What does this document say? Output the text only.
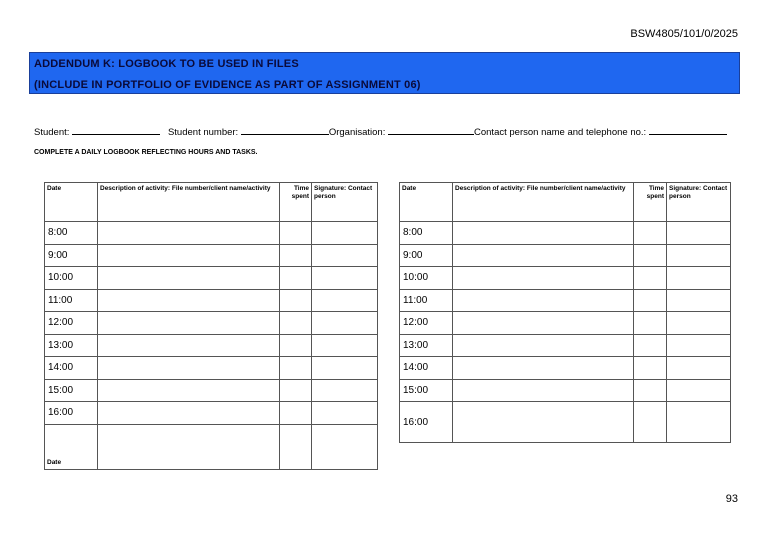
BSW4805/101/0/2025
ADDENDUM K: LOGBOOK TO BE USED IN FILES
(INCLUDE IN PORTFOLIO OF EVIDENCE AS PART OF ASSIGNMENT 06)
Student:	Student number:	Organisation:	Contact person name and telephone no.:
COMPLETE A DAILY LOGBOOK REFLECTING HOURS AND TASKS.
Date	Description of activity: File number/client name/activity	Time spent	Signature: Contact person
8:00			
9:00			
10:00			
11:00			
12:00			
13:00			
14:00			
15:00			
16:00			
Date			
Date	Description of activity: File number/client name/activity	Time spent	Signature: Contact person
8:00			
9:00			
10:00			
11:00			
12:00			
13:00			
14:00			
15:00			
16:00			
93
